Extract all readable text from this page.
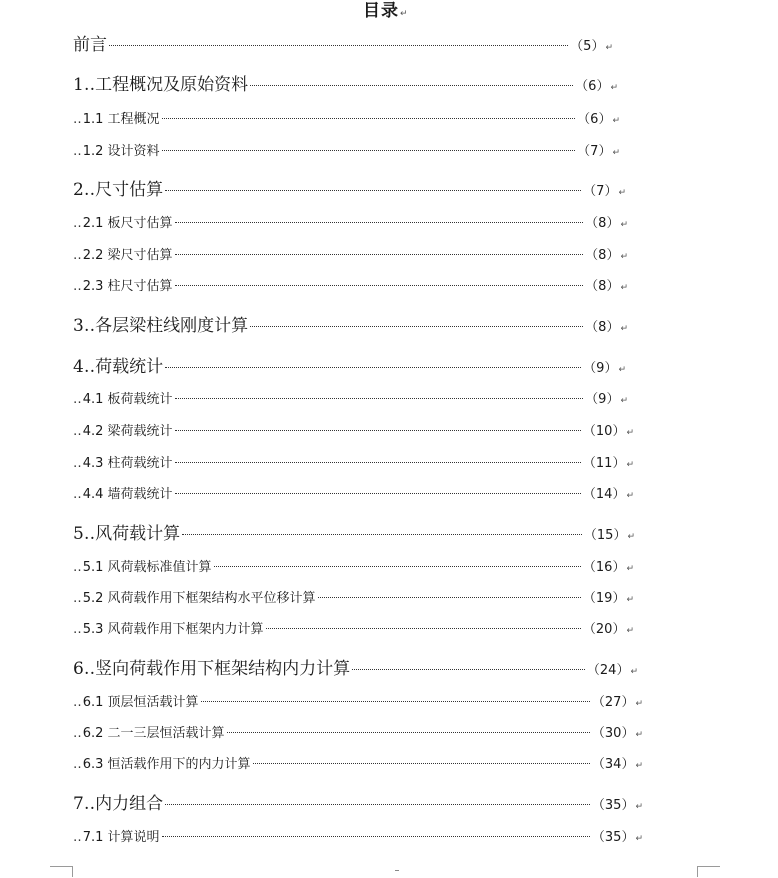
目录↵
前言	（5） ↵
1‥工程概况及原始资料	（6） ↵
‥ 1.1 工程概况	（6） ↵
‥ 1.2 设计资料	（7） ↵
2‥尺寸估算	（7） ↵
‥ 2.1 板尺寸估算	（8） ↵
‥ 2.2 梁尺寸估算	（8） ↵
‥ 2.3 柱尺寸估算	（8） ↵
3‥各层梁柱线刚度计算	（8） ↵
4‥荷载统计	（9） ↵
‥ 4.1 板荷载统计	（9） ↵
‥ 4.2 梁荷载统计	（10） ↵
‥ 4.3 柱荷载统计	（11） ↵
‥ 4.4 墙荷载统计	（14） ↵
5‥风荷载计算	（15） ↵
‥ 5.1 风荷载标准值计算	（16） ↵
‥ 5.2 风荷载作用下框架结构水平位移计算	（19） ↵
‥ 5.3 风荷载作用下框架内力计算	（20） ↵
6‥竖向荷载作用下框架结构内力计算	（24） ↵
‥ 6.1 顶层恒活载计算	（27） ↵
‥ 6.2 二一三层恒活载计算	（30） ↵
‥ 6.3 恒活载作用下的内力计算	（34） ↵
7‥内力组合	（35） ↵
‥ 7.1 计算说明	（35） ↵
